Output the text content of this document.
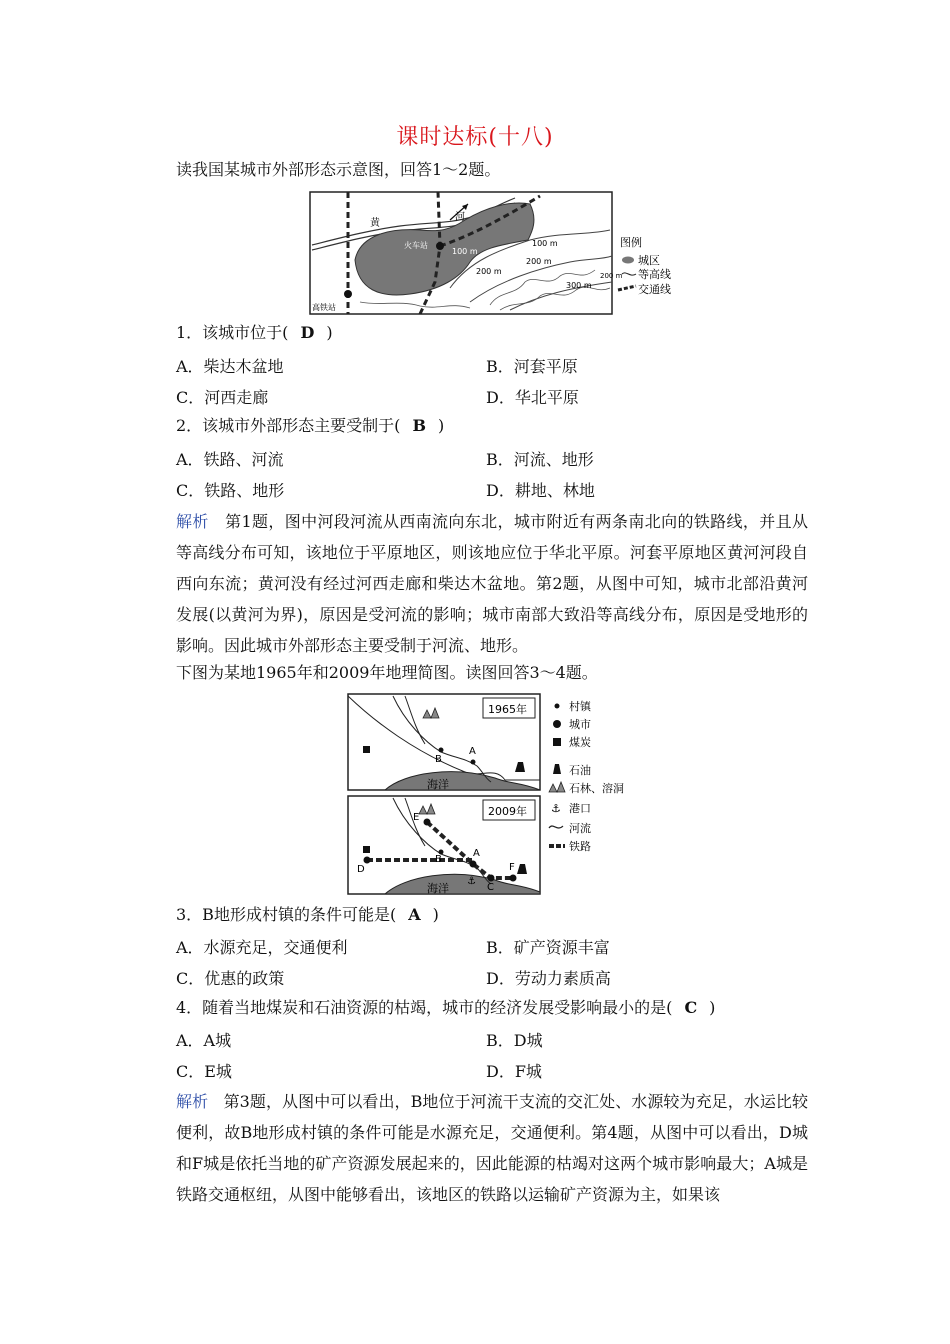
课时达标(十八)
读我国某城市外部形态示意图，回答1～2题。
黄
河
火车站
高铁站
100 m
100 m
200 m
200 m
300 m
图例
城区
200 m 等高线
交通线
1．该城市位于( D )
A．柴达木盆地	B．河套平原
C．河西走廊	D．华北平原
2．该城市外部形态主要受制于( B )
A．铁路、河流	B．河流、地形
C．铁路、地形	D．耕地、林地
解析 第1题，图中河段河流从西南流向东北，城市附近有两条南北向的铁路线，并且从等高线分布可知，该地位于平原地区，则该地应位于华北平原。河套平原地区黄河河段自西向东流；黄河没有经过河西走廊和柴达木盆地。第2题，从图中可知，城市北部沿黄河发展(以黄河为界)，原因是受河流的影响；城市南部大致沿等高线分布，原因是受地形的影响。因此城市外部形态主要受制于河流、地形。
下图为某地1965年和2009年地理简图。读图回答3～4题。
1965年
海洋
B
A
2009年
海洋
D
E
B
A
C
F
⚓
村镇
城市
煤炭
石油
石林、溶洞
⚓ 港口
河流
铁路
3．B地形成村镇的条件可能是( A )
A．水源充足，交通便利	B．矿产资源丰富
C．优惠的政策	D．劳动力素质高
4．随着当地煤炭和石油资源的枯竭，城市的经济发展受影响最小的是( C )
A．A城	B．D城
C．E城	D．F城
解析 第3题，从图中可以看出，B地位于河流干支流的交汇处、水源较为充足，水运比较便利，故B地形成村镇的条件可能是水源充足，交通便利。第4题，从图中可以看出，D城和F城是依托当地的矿产资源发展起来的，因此能源的枯竭对这两个城市影响最大；A城是铁路交通枢纽，从图中能够看出，该地区的铁路以运输矿产资源为主，如果该
